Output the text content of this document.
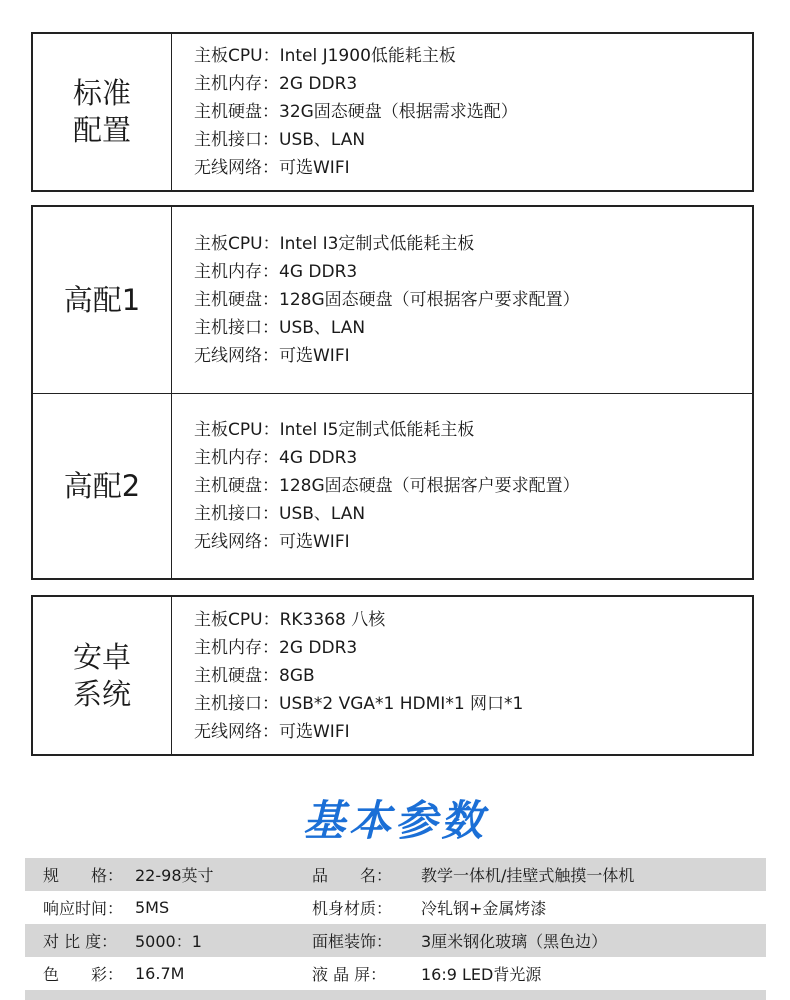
标准
配置
主板CPU：Intel J1900低能耗主板
主机内存：2G DDR3
主机硬盘：32G固态硬盘（根据需求选配）
主机接口：USB、LAN
无线网络：可选WIFI
高配1
主板CPU：Intel I3定制式低能耗主板
主机内存：4G DDR3
主机硬盘：128G固态硬盘（可根据客户要求配置）
主机接口：USB、LAN
无线网络：可选WIFI
高配2
主板CPU：Intel I5定制式低能耗主板
主机内存：4G DDR3
主机硬盘：128G固态硬盘（可根据客户要求配置）
主机接口：USB、LAN
无线网络：可选WIFI
安卓
系统
主板CPU：RK3368 八核
主机内存：2G DDR3
主机硬盘：8GB
主机接口：USB*2 VGA*1 HDMI*1 网口*1
无线网络：可选WIFI
基本参数
规　　格： 22-98英寸	品　　名：	教学一体机/挂壁式触摸一体机
响应时间： 5MS	机身材质：	冷轧钢+金属烤漆
对 比 度：	5000：1	面框装饰：	3厘米钢化玻璃（黑色边）
色　　彩： 16.7M	液 晶 屏：	16:9 LED背光源
